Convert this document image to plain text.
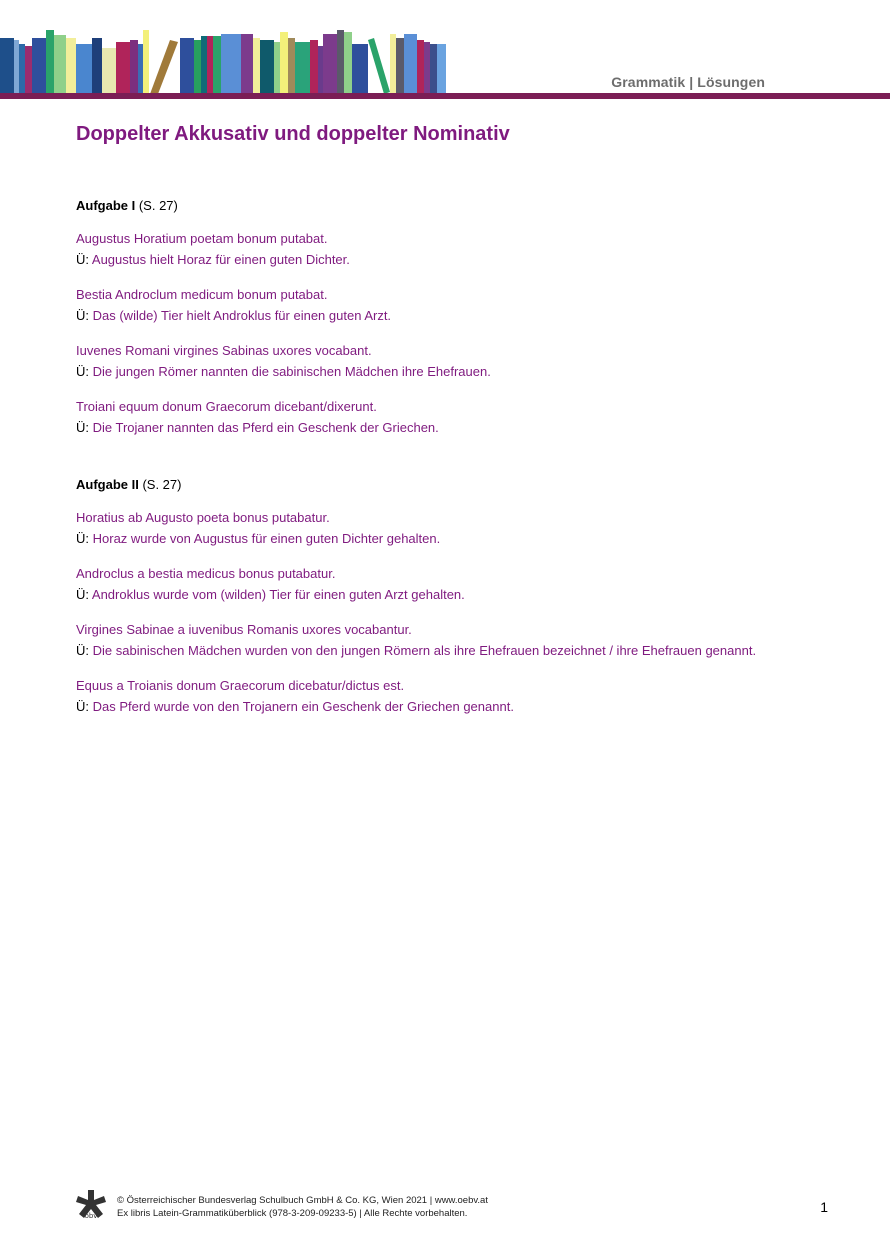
Grammatik | Lösungen
Doppelter Akkusativ und doppelter Nominativ
Aufgabe I (S. 27)
Augustus Horatium poetam bonum putabat.
Ü: Augustus hielt Horaz für einen guten Dichter.
Bestia Androclum medicum bonum putabat.
Ü: Das (wilde) Tier hielt Androklus für einen guten Arzt.
Iuvenes Romani virgines Sabinas uxores vocabant.
Ü: Die jungen Römer nannten die sabinischen Mädchen ihre Ehefrauen.
Troiani equum donum Graecorum dicebant/dixerunt.
Ü: Die Trojaner nannten das Pferd ein Geschenk der Griechen.
Aufgabe II (S. 27)
Horatius ab Augusto poeta bonus putabatur.
Ü: Horaz wurde von Augustus für einen guten Dichter gehalten.
Androclus a bestia medicus bonus putabatur.
Ü: Androklus wurde vom (wilden) Tier für einen guten Arzt gehalten.
Virgines Sabinae a iuvenibus Romanis uxores vocabantur.
Ü: Die sabinischen Mädchen wurden von den jungen Römern als ihre Ehefrauen bezeichnet / ihre Ehefrauen genannt.
Equus a Troianis donum Graecorum dicebatur/dictus est.
Ü: Das Pferd wurde von den Trojanern ein Geschenk der Griechen genannt.
öbv
© Österreichischer Bundesverlag Schulbuch GmbH & Co. KG, Wien 2021 | www.oebv.at
Ex libris Latein-Grammatiküberblick (978-3-209-09233-5) | Alle Rechte vorbehalten.	1
